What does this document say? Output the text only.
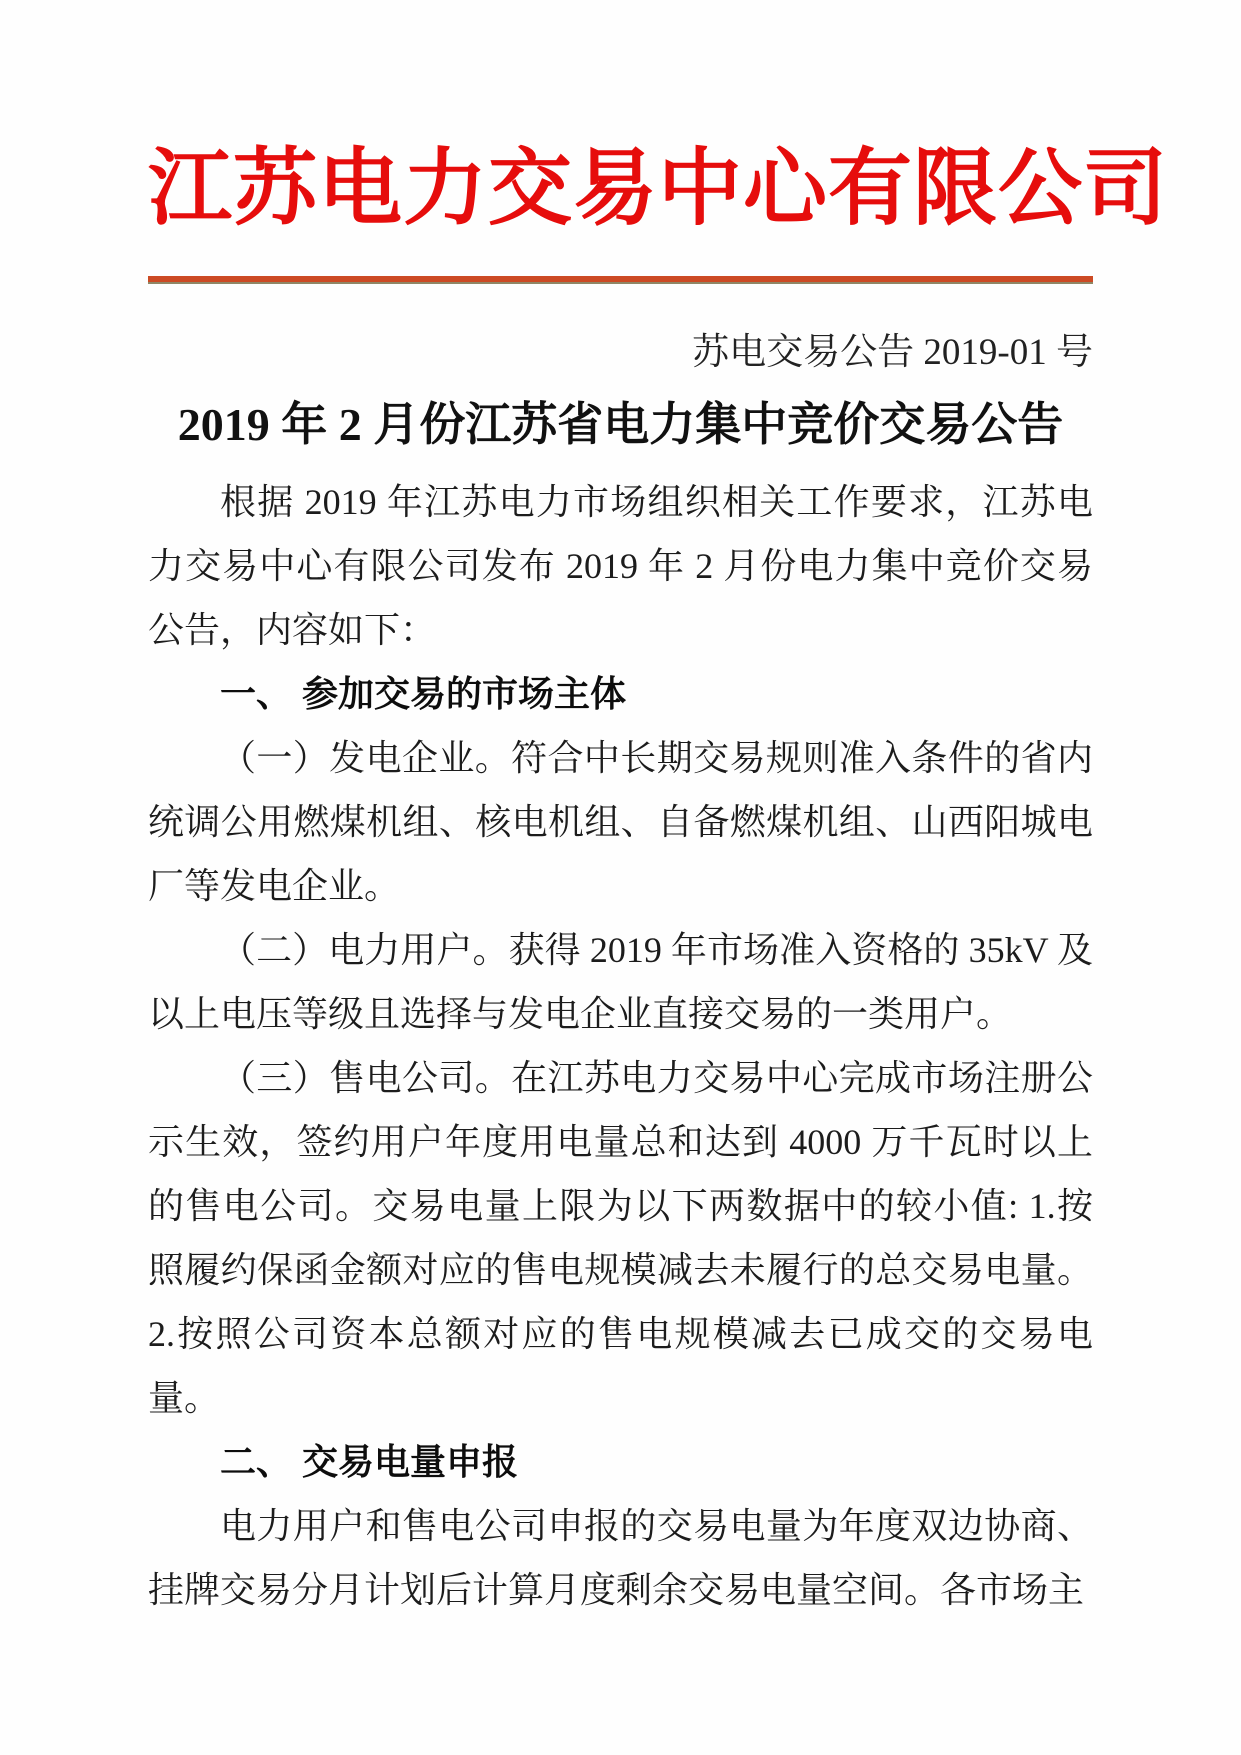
江苏电力交易中心有限公司
苏电交易公告 2019-01 号
2019 年 2 月份江苏省电力集中竞价交易公告

根据 2019 年江苏电力市场组织相关工作要求，江苏电力交易中心有限公司发布 2019 年 2 月份电力集中竞价交易公告，内容如下：

一、 参加交易的市场主体

（一）发电企业。符合中长期交易规则准入条件的省内统调公用燃煤机组、核电机组、自备燃煤机组、山西阳城电厂等发电企业。

（二）电力用户。获得 2019 年市场准入资格的 35kV 及以上电压等级且选择与发电企业直接交易的一类用户。

（三）售电公司。在江苏电力交易中心完成市场注册公示生效，签约用户年度用电量总和达到 4000 万千瓦时以上的售电公司。交易电量上限为以下两数据中的较小值: 1.按照履约保函金额对应的售电规模减去未履行的总交易电量。2.按照公司资本总额对应的售电规模减去已成交的交易电量。

二、 交易电量申报

电力用户和售电公司申报的交易电量为年度双边协商、挂牌交易分月计划后计算月度剩余交易电量空间。各市场主
